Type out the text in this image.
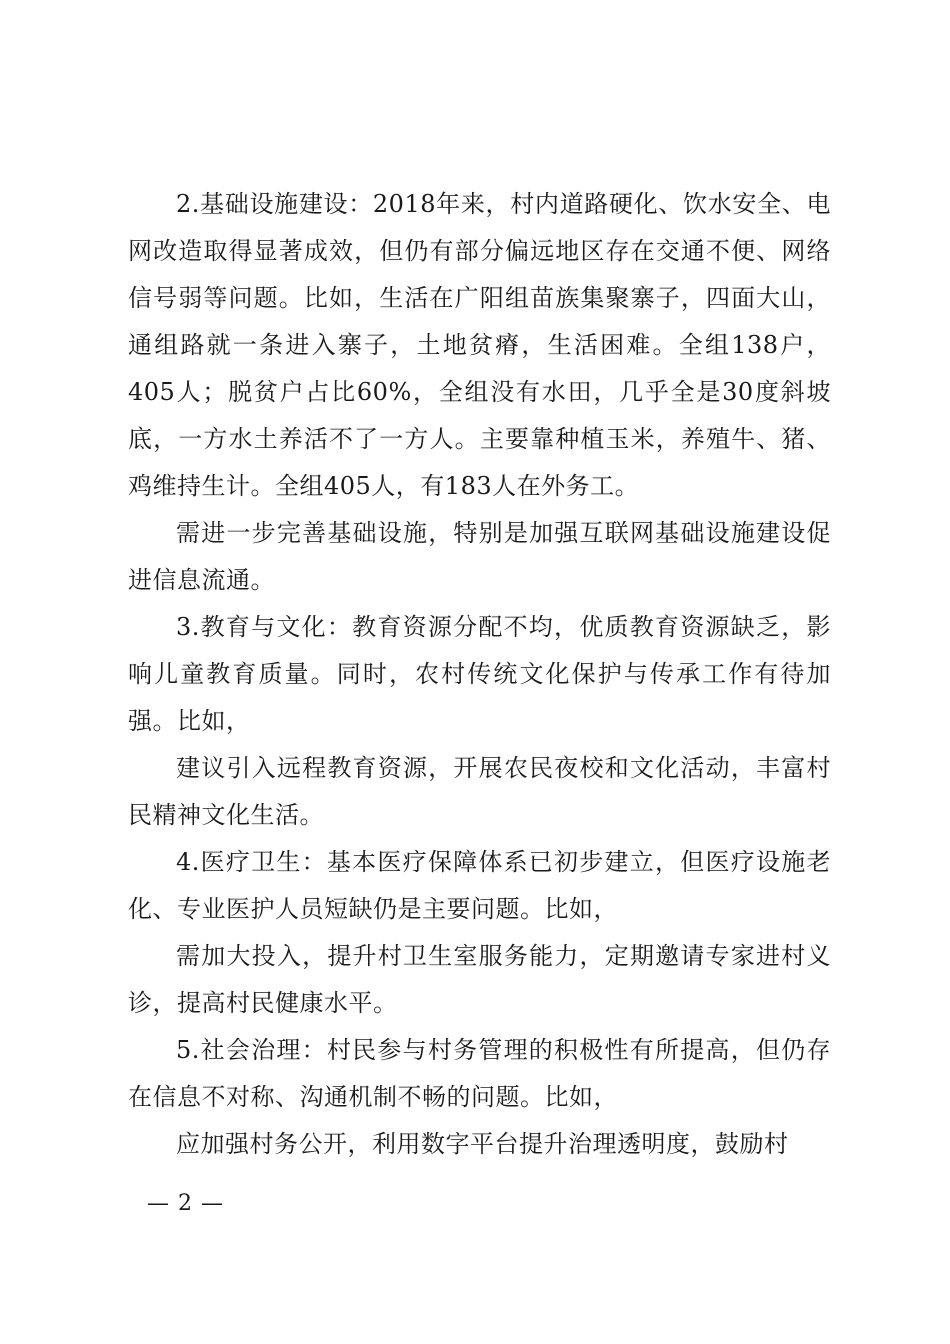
2.基础设施建设：2018年来，村内道路硬化、饮水安全、电网改造取得显著成效，但仍有部分偏远地区存在交通不便、网络信号弱等问题。比如，生活在广阳组苗族集聚寨子，四面大山，通组路就一条进入寨子，土地贫瘠，生活困难。全组138户，405人；脱贫户占比60%，全组没有水田，几乎全是30度斜坡底，一方水土养活不了一方人。主要靠种植玉米，养殖牛、猪、鸡维持生计。全组405人，有183人在外务工。

需进一步完善基础设施，特别是加强互联网基础设施建设促进信息流通。

3.教育与文化：教育资源分配不均，优质教育资源缺乏，影响儿童教育质量。同时，农村传统文化保护与传承工作有待加强。比如，

建议引入远程教育资源，开展农民夜校和文化活动，丰富村民精神文化生活。

4.医疗卫生：基本医疗保障体系已初步建立，但医疗设施老化、专业医护人员短缺仍是主要问题。比如，

需加大投入，提升村卫生室服务能力，定期邀请专家进村义诊，提高村民健康水平。

5.社会治理：村民参与村务管理的积极性有所提高，但仍存在信息不对称、沟通机制不畅的问题。比如，

应加强村务公开，利用数字平台提升治理透明度，鼓励村

— 2 —
